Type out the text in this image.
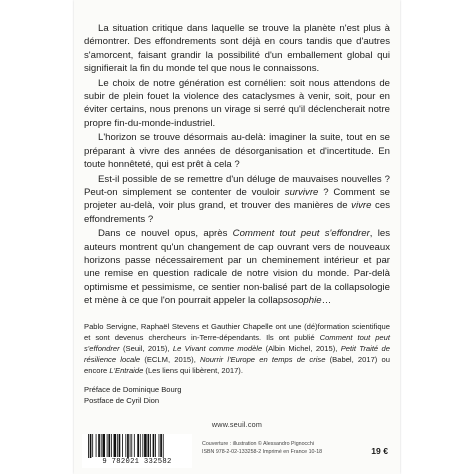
La situation critique dans laquelle se trouve la planète n'est plus à démontrer. Des effondrements sont déjà en cours tandis que d'autres s'amorcent, faisant grandir la possibilité d'un emballement global qui signifierait la fin du monde tel que nous le connaissons.

Le choix de notre génération est cornélien: soit nous attendons de subir de plein fouet la violence des cataclysmes à venir, soit, pour en éviter certains, nous prenons un virage si serré qu'il déclencherait notre propre fin-du-monde-industriel.

L'horizon se trouve désormais au-delà: imaginer la suite, tout en se préparant à vivre des années de désorganisation et d'incertitude. En toute honnêteté, qui est prêt à cela ?

Est-il possible de se remettre d'un déluge de mauvaises nouvelles ? Peut-on simplement se contenter de vouloir survivre ? Comment se projeter au-delà, voir plus grand, et trouver des manières de vivre ces effondrements ?

Dans ce nouvel opus, après Comment tout peut s'effondrer, les auteurs montrent qu'un changement de cap ouvrant vers de nouveaux horizons passe nécessairement par un cheminement intérieur et par une remise en question radicale de notre vision du monde. Par-delà optimisme et pessimisme, ce sentier non-balisé part de la collapsologie et mène à ce que l'on pourrait appeler la collapsosophie…

Pablo Servigne, Raphaël Stevens et Gauthier Chapelle ont une (dé)formation scientifique et sont devenus chercheurs in-Terre-dépendants. Ils ont publié Comment tout peut s'effondrer (Seuil, 2015), Le Vivant comme modèle (Albin Michel, 2015), Petit Traité de résilience locale (ECLM, 2015), Nourrir l'Europe en temps de crise (Babel, 2017) ou encore L'Entraide (Les liens qui libèrent, 2017).

Préface de Dominique Bourg
Postface de Cyril Dion
www.seuil.com
9 782021 332582
Couverture : illustration © Alessandro Pignocchi
ISBN 978-2-02-133258-2 Imprimé en France 10-18	19 €
